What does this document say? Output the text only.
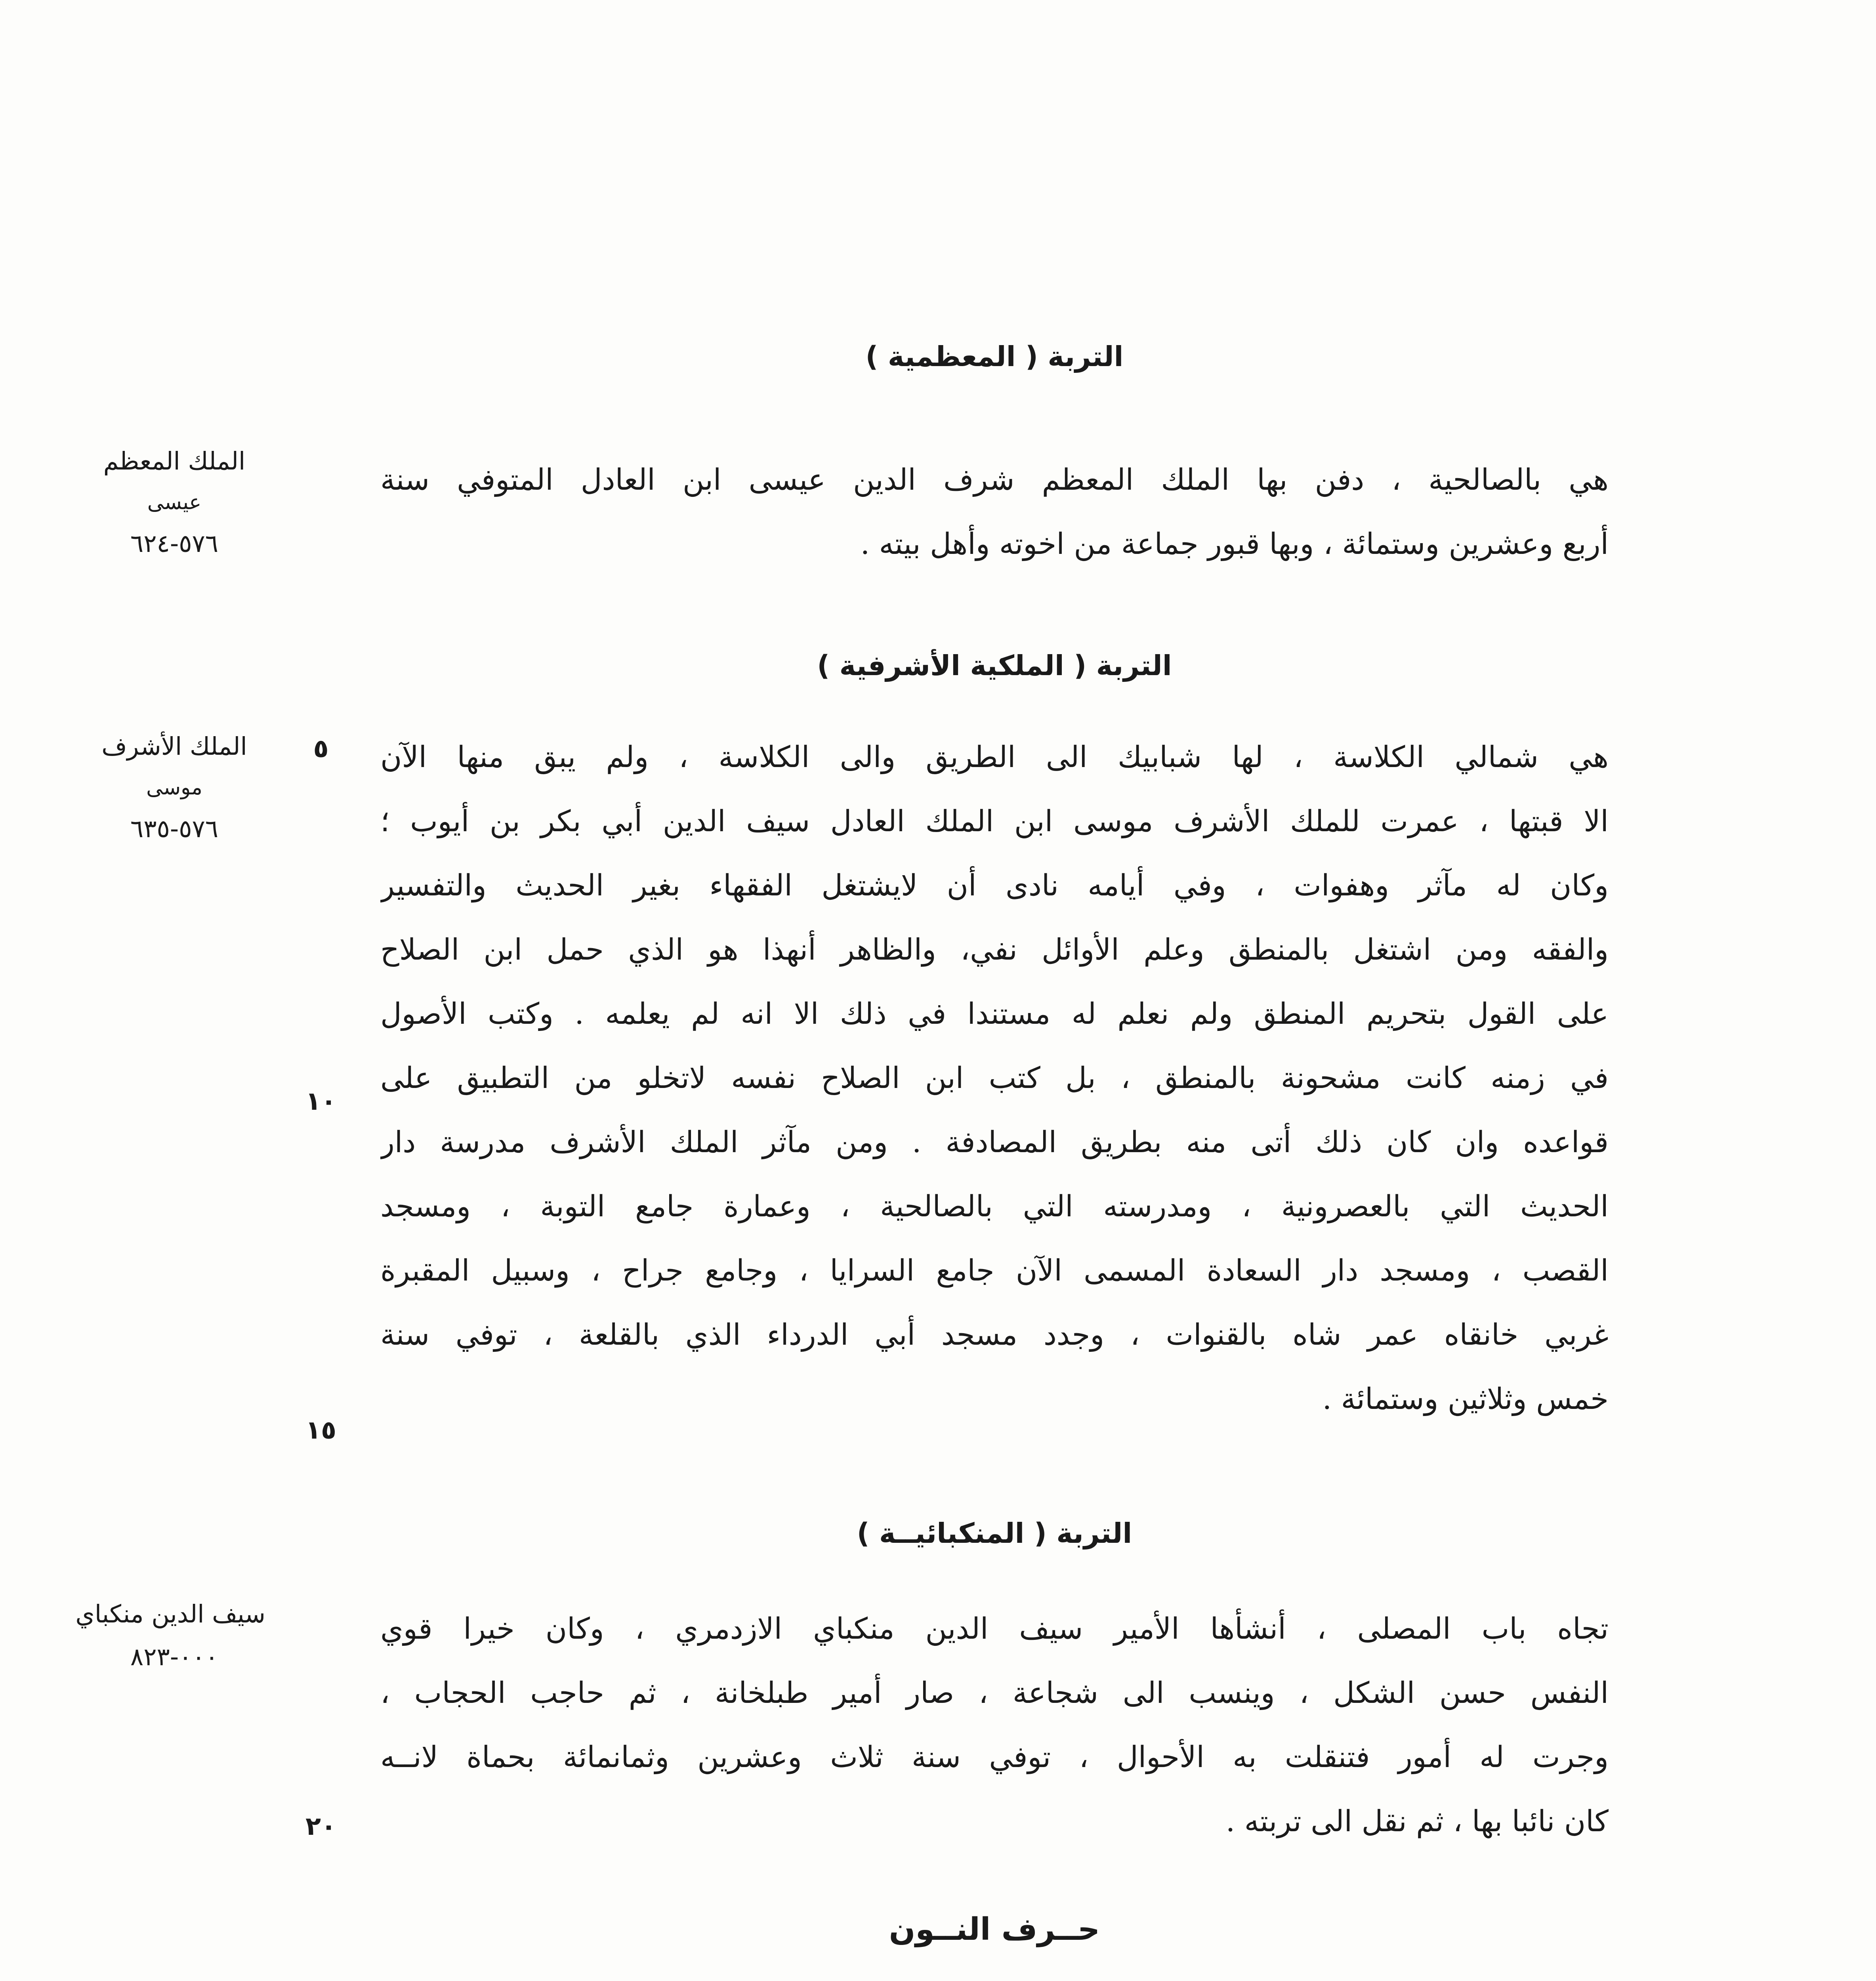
التربة ( المعظمية )
الملك المعظم
عيسى
٥٧٦-٦٢٤
هي بالصالحية ، دفن بها الملك المعظم شرف الدين عيسى ابن العادل المتوفي سنة
أربع وعشرين وستمائة ، وبها قبور جماعة من اخوته وأهل بيته .
التربة ( الملكية الأشرفية )
الملك الأشرف
موسى
٥٧٦-٦٣٥
٥	هي شمالي الكلاسة ، لها شبابيك الى الطريق والى الكلاسة ، ولم يبق منها الآن
الا قبتها ، عمرت للملك الأشرف موسى ابن الملك العادل سيف الدين أبي بكر بن أيوب ؛
وكان له مآثر وهفوات ، وفي أيامه نادى أن لايشتغل الفقهاء بغير الحديث والتفسير
والفقه ومن اشتغل بالمنطق وعلم الأوائل نفي، والظاهر أنهذا هو الذي حمل ابن الصلاح
على القول بتحريم المنطق ولم نعلم له مستندا في ذلك الا انه لم يعلمه . وكتب الأصول
في زمنه كانت مشحونة بالمنطق ، بل كتب ابن الصلاح نفسه لاتخلو من التطبيق على
قواعده وان كان ذلك أتى منه بطريق المصادفة . ومن مآثر الملك الأشرف مدرسة دار
الحديث التي بالعصرونية ، ومدرسته التي بالصالحية ، وعمارة جامع التوبة ، ومسجد
القصب ، ومسجد دار السعادة المسمى الآن جامع السرايا ، وجامع جراح ، وسبيل المقبرة
غربي خانقاه عمر شاه بالقنوات ، وجدد مسجد أبي الدرداء الذي بالقلعة ، توفي سنة
خمس وثلاثين وستمائة .
١٠
١٥
التربة ( المنكبائيــة )
سيف الدين منكباي
٠٠٠-٨٢٣
تجاه باب المصلى ، أنشأها الأمير سيف الدين منكباي الازدمري ، وكان خيرا قوي
النفس حسن الشكل ، وينسب الى شجاعة ، صار أمير طبلخانة ، ثم حاجب الحجاب ،
وجرت له أمور فتنقلت به الأحوال ، توفي سنة ثلاث وعشرين وثمانمائة بحماة لانــه
كان نائبا بها ، ثم نقل الى تربته .
٢٠
حــرف النــون
